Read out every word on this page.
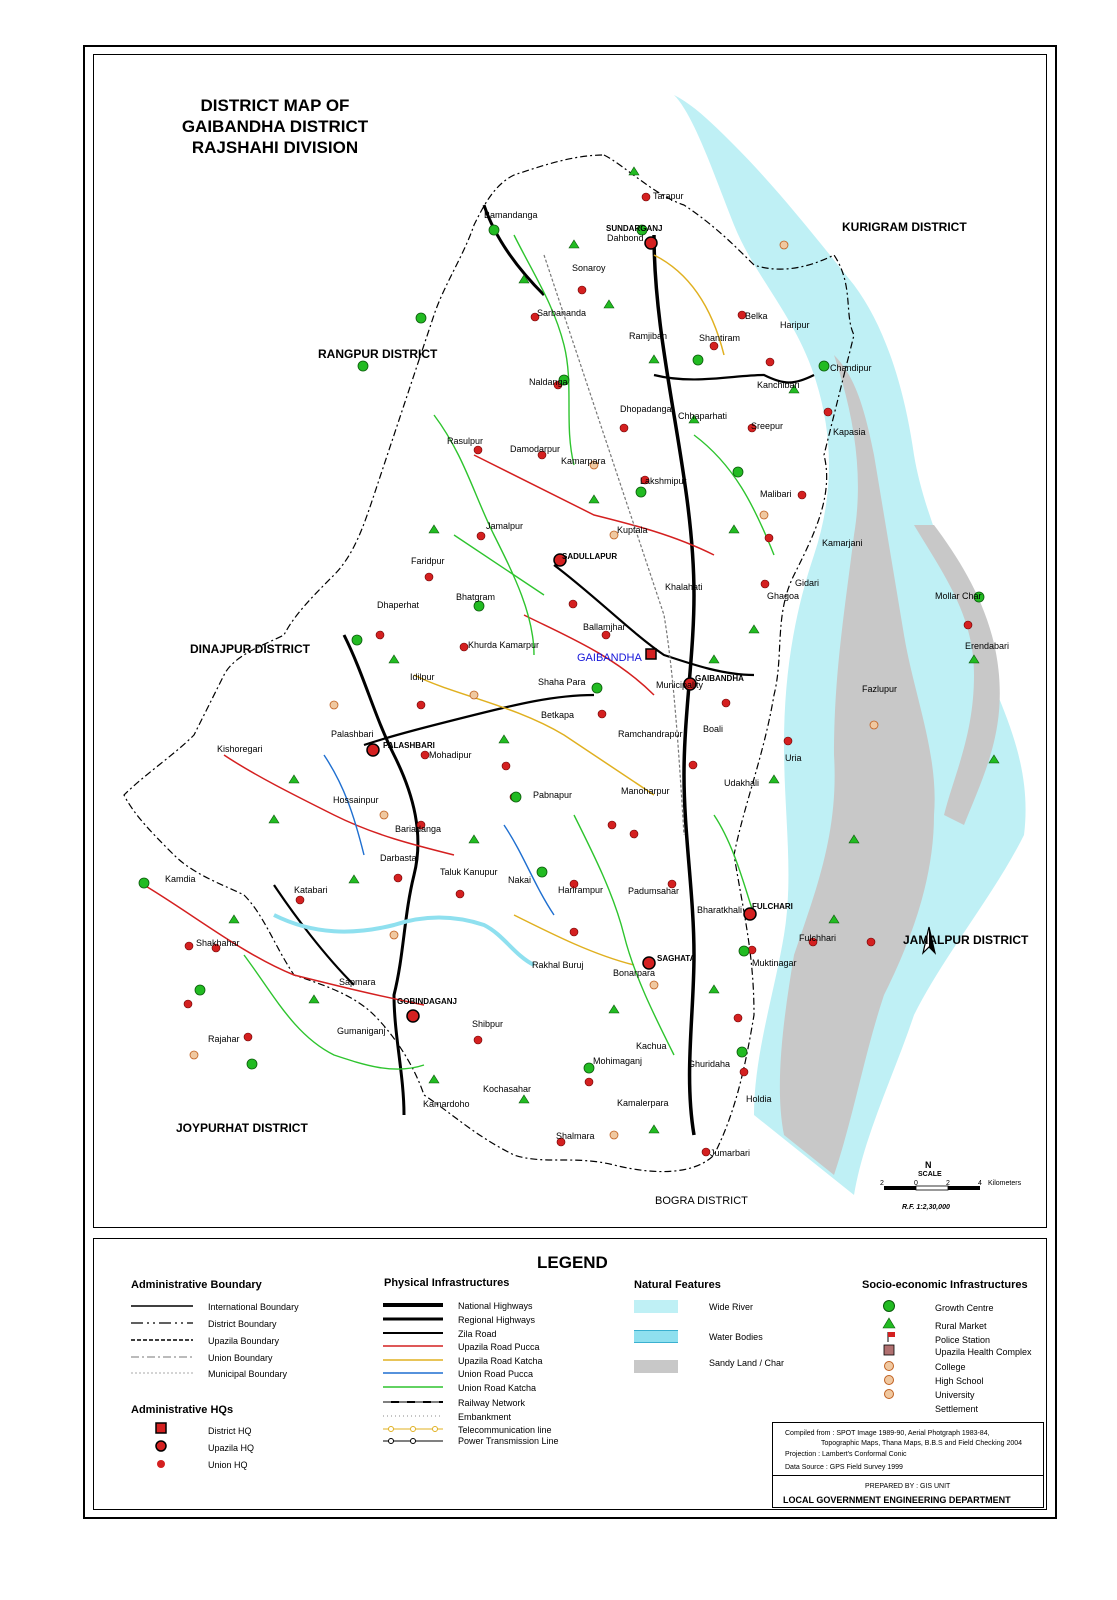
DISTRICT MAP OF
GAIBANDHA DISTRICT
RAJSHAHI DIVISION
KURIGRAM DISTRICT
RANGPUR DISTRICT
DINAJPUR DISTRICT
JAMALPUR DISTRICT
JOYPURHAT DISTRICT
BOGRA DISTRICT
GAIBANDHA
SUNDARGANJ
SADULLAPUR
PALASHBARI
GAIBANDHA
FULCHARI
SAGHATA
GOBINDAGANJ
Tarapur
Belka
Haripur
Chandipur
Kapasia
Sreepur
Shantiram
Ramjiban
Sonaroy
Bamandanga
Dahbond
Sarbananda
Naldanga
Dhopadanga
Chhaparhati
Kanchibari
Lakshmipur
Kamarpara
Damodarpur
Rasulpur
Jamalpur
Faridpur
Bhatgram
Dhaperhat
Khurda Kamarpur
Idilpur
Kishoregari
Palashbari
Mohadipur
Hossainpur
Betkapa
Pabnapur	Manoharpur
Ramchandrapur Boali
Uria
Ghagoa
Gidari
Kamarjani
Malibari
Kuptala
Ballamjhar
Khalahati
Erendabari
Mollar Char
Fazlupur
Kamdia
Katabari
Darbasta
Bariadanga
Taluk Kanupur
Nakai
Harirampur	Padumsahar
Bharatkhali
Fulchhari
Muktinagar
Rakhal Buruj
Bonarpara
Shakhahar
Sapmara
Rajahar
Gumaniganj
Kamardoho
Shibpur
Mohimaganj
Kachua
Ghuridaha
Holdia
Kamalerpara
Jumarbari
Shalmara
Kochasahar
Udakhali
Shaha Para	Municipality
N
SCALE
2	0	2	4 Kilometers
R.F. 1:2,30,000
LEGEND
Administrative Boundary
International Boundary
District Boundary
Upazila Boundary
Union Boundary
Municipal Boundary
Administrative HQs
District HQ
Upazila HQ
Union HQ
Physical Infrastructures
National Highways
Regional Highways
Zila Road
Upazila Road Pucca
Upazila Road Katcha
Union Road Pucca
Union Road Katcha
Railway Network
Embankment
Telecommunication line
Power Transmission Line
Natural Features
Wide River
Water Bodies
Sandy Land / Char
Socio-economic Infrastructures
Growth Centre
Rural Market
Police Station
Upazila Health Complex
College
High School
University
Settlement
Compiled from : SPOT Image 1989-90, Aerial Photgraph 1983-84,
Topographic Maps, Thana Maps, B.B.S and Field Checking 2004
Projection : Lambert's Conformal Conic
Data Source : GPS Field Survey 1999
PREPARED BY : GIS UNIT
LOCAL GOVERNMENT ENGINEERING DEPARTMENT
